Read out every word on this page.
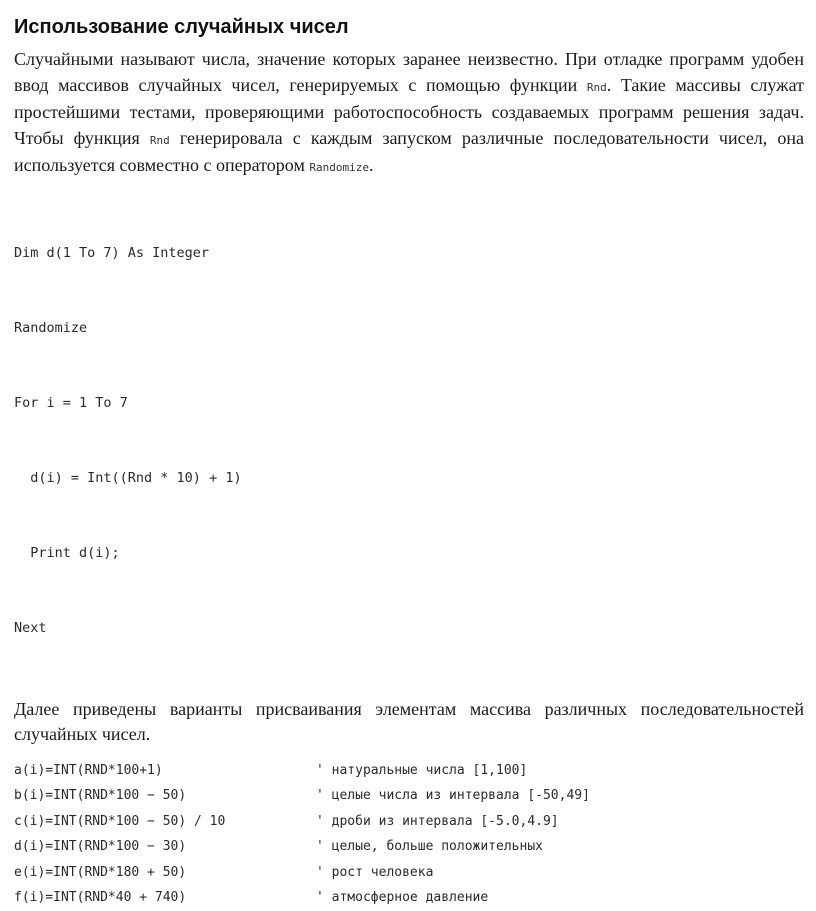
Использование случайных чисел

Случайными называют числа, значение которых заранее неизвестно. При отладке программ удобен ввод массивов случайных чисел, генерируемых с помощью функции Rnd. Такие массивы служат простейшими тестами, проверяющими работоспособность создаваемых программ решения задач. Чтобы функция Rnd генерировала с каждым запуском различные последовательности чисел, она используется совместно с оператором Randomize.

Dim d(1 To 7) As Integer

Randomize

For i = 1 To 7

d(i) = Int((Rnd * 10) + 1)

Print d(i);

Next

Далее приведены варианты присваивания элементам массива различных последовательностей случайных чисел.

a(i)=INT(RND*100+1)	' натуральные числа [1,100]
b(i)=INT(RND*100 − 50)	' целые числа из интервала [-50,49]
c(i)=INT(RND*100 − 50) / 10	' дроби из интервала [-5.0,4.9]
d(i)=INT(RND*100 − 30)	' целые, больше положительных
e(i)=INT(RND*180 + 50)	' рост человека
f(i)=INT(RND*40 + 740)	' атмосферное давление
